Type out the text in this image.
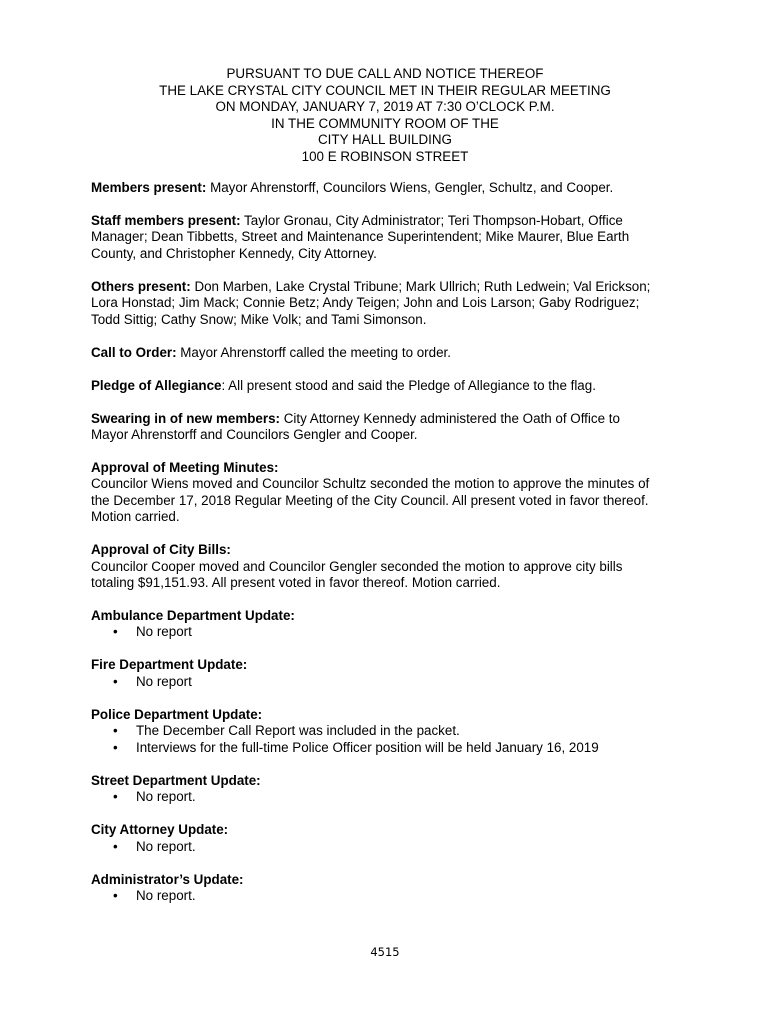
PURSUANT TO DUE CALL AND NOTICE THEREOF
THE LAKE CRYSTAL CITY COUNCIL MET IN THEIR REGULAR MEETING
ON MONDAY, JANUARY 7, 2019 AT 7:30 O’CLOCK P.M.
IN THE COMMUNITY ROOM OF THE
CITY HALL BUILDING
100 E ROBINSON STREET
Members present: Mayor Ahrenstorff, Councilors Wiens, Gengler, Schultz, and Cooper.
Staff members present: Taylor Gronau, City Administrator; Teri Thompson-Hobart, Office
Manager; Dean Tibbetts, Street and Maintenance Superintendent; Mike Maurer, Blue Earth
County, and Christopher Kennedy, City Attorney.
Others present: Don Marben, Lake Crystal Tribune; Mark Ullrich; Ruth Ledwein; Val Erickson;
Lora Honstad; Jim Mack; Connie Betz; Andy Teigen; John and Lois Larson; Gaby Rodriguez;
Todd Sittig; Cathy Snow; Mike Volk; and Tami Simonson.
Call to Order: Mayor Ahrenstorff called the meeting to order.
Pledge of Allegiance: All present stood and said the Pledge of Allegiance to the flag.
Swearing in of new members: City Attorney Kennedy administered the Oath of Office to
Mayor Ahrenstorff and Councilors Gengler and Cooper.
Approval of Meeting Minutes:
Councilor Wiens moved and Councilor Schultz seconded the motion to approve the minutes of
the December 17, 2018 Regular Meeting of the City Council. All present voted in favor thereof.
Motion carried.
Approval of City Bills:
Councilor Cooper moved and Councilor Gengler seconded the motion to approve city bills
totaling $91,151.93. All present voted in favor thereof. Motion carried.
Ambulance Department Update:
• No report
Fire Department Update:
• No report
Police Department Update:
• The December Call Report was included in the packet.
• Interviews for the full-time Police Officer position will be held January 16, 2019
Street Department Update:
• No report.
City Attorney Update:
• No report.
Administrator’s Update:
• No report.
4515
